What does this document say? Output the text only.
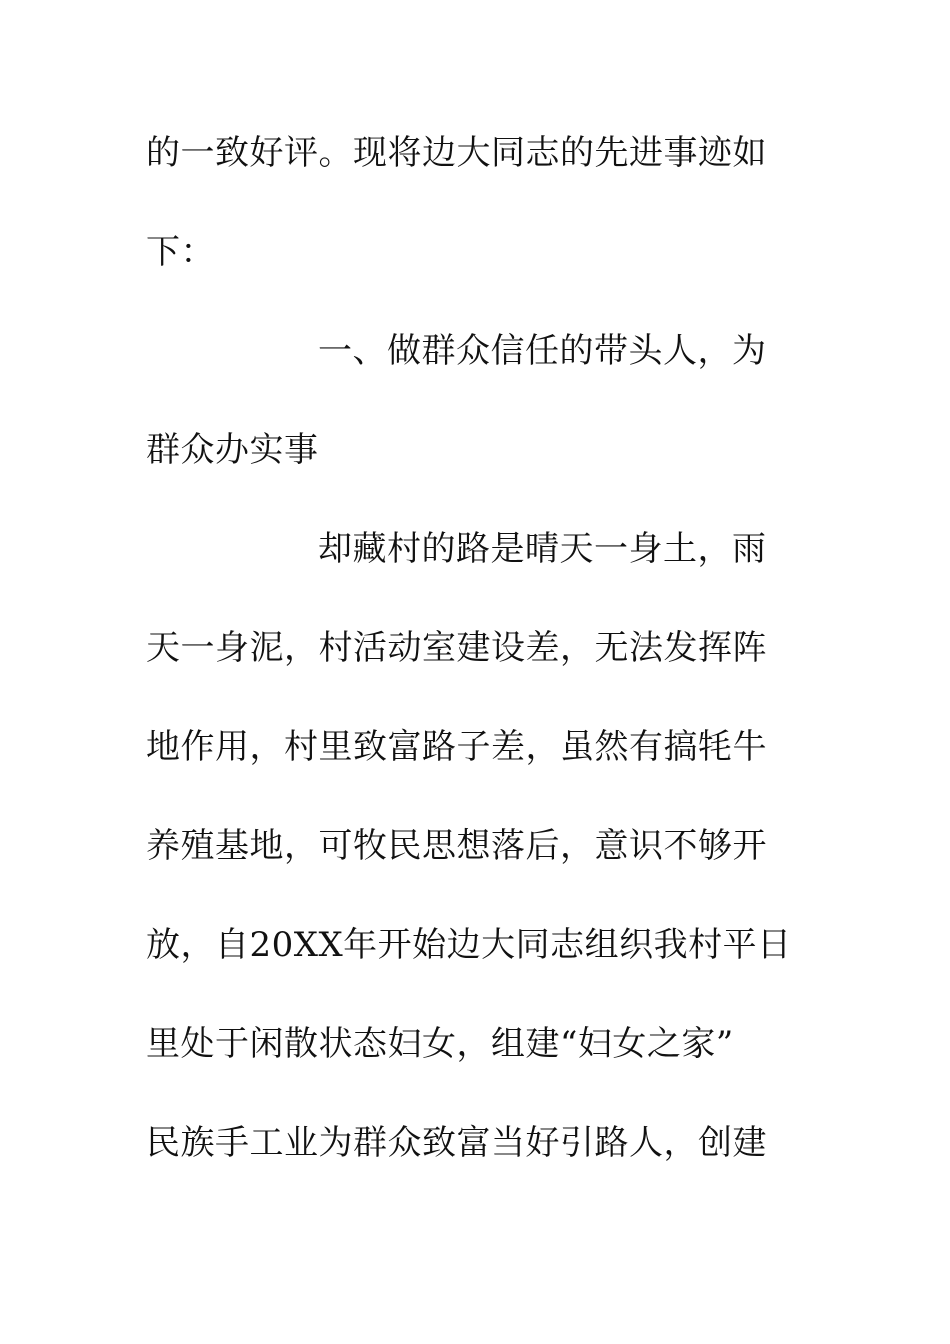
的一致好评。现将边大同志的先进事迹如
下：
一、做群众信任的带头人，为
群众办实事
却藏村的路是晴天一身土，雨
天一身泥，村活动室建设差，无法发挥阵
地作用，村里致富路子差，虽然有搞牦牛
养殖基地，可牧民思想落后，意识不够开
放，自20XX年开始边大同志组织我村平日
里处于闲散状态妇女，组建“妇女之家”
民族手工业为群众致富当好引路人，创建
